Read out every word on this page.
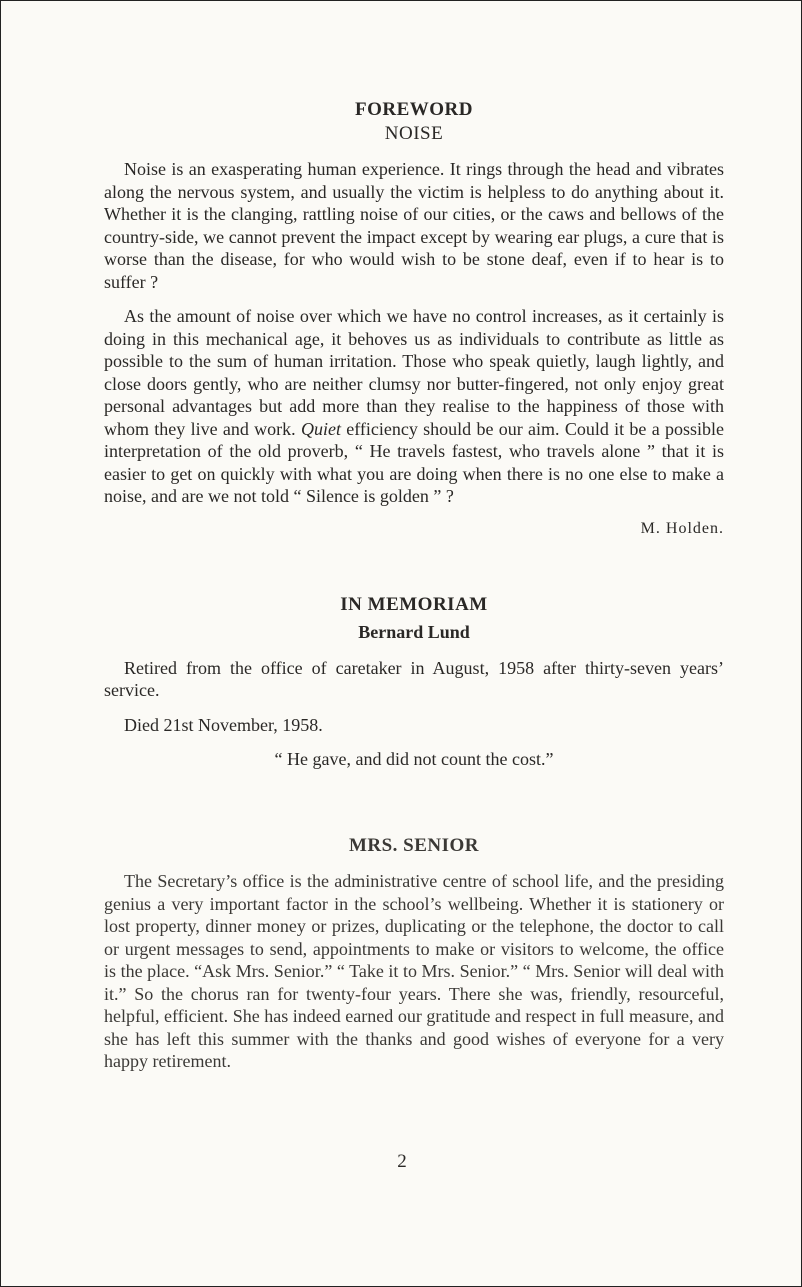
FOREWORD
NOISE

Noise is an exasperating human experience. It rings through the head and vibrates along the nervous system, and usually the victim is helpless to do anything about it. Whether it is the clanging, rattling noise of our cities, or the caws and bellows of the country-side, we cannot prevent the impact except by wearing ear plugs, a cure that is worse than the disease, for who would wish to be stone deaf, even if to hear is to suffer ?

As the amount of noise over which we have no control increases, as it certainly is doing in this mechanical age, it behoves us as individuals to contribute as little as possible to the sum of human irritation. Those who speak quietly, laugh lightly, and close doors gently, who are neither clumsy nor butter-fingered, not only enjoy great personal advantages but add more than they realise to the happiness of those with whom they live and work. Quiet efficiency should be our aim. Could it be a possible interpretation of the old proverb, “ He travels fastest, who travels alone ” that it is easier to get on quickly with what you are doing when there is no one else to make a noise, and are we not told “ Silence is golden ” ?

M. Holden.
IN MEMORIAM
Bernard Lund

Retired from the office of caretaker in August, 1958 after thirty-seven years’ service.

Died 21st November, 1958.

“ He gave, and did not count the cost.”
MRS. SENIOR

The Secretary’s office is the administrative centre of school life, and the presiding genius a very important factor in the school’s wellbeing. Whether it is stationery or lost property, dinner money or prizes, duplicating or the telephone, the doctor to call or urgent messages to send, appointments to make or visitors to welcome, the office is the place. “Ask Mrs. Senior.” “ Take it to Mrs. Senior.” “ Mrs. Senior will deal with it.” So the chorus ran for twenty-four years. There she was, friendly, resourceful, helpful, efficient. She has indeed earned our gratitude and respect in full measure, and she has left this summer with the thanks and good wishes of everyone for a very happy retirement.

2
